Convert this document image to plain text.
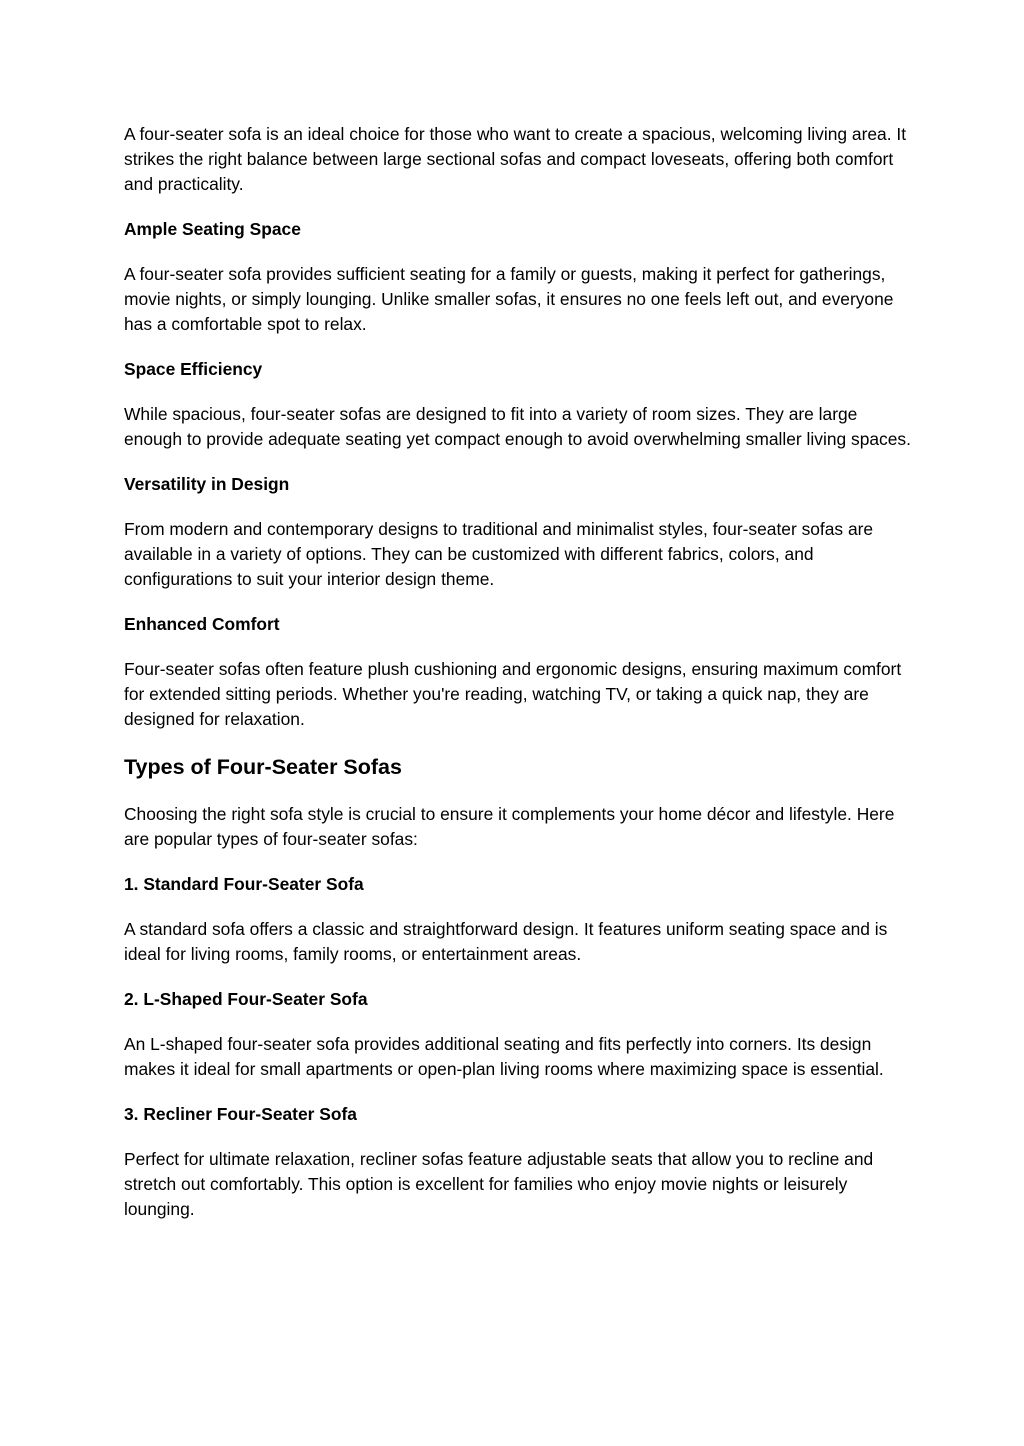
A four-seater sofa is an ideal choice for those who want to create a spacious, welcoming living area. It strikes the right balance between large sectional sofas and compact loveseats, offering both comfort and practicality.

Ample Seating Space

A four-seater sofa provides sufficient seating for a family or guests, making it perfect for gatherings, movie nights, or simply lounging. Unlike smaller sofas, it ensures no one feels left out, and everyone has a comfortable spot to relax.

Space Efficiency

While spacious, four-seater sofas are designed to fit into a variety of room sizes. They are large enough to provide adequate seating yet compact enough to avoid overwhelming smaller living spaces.

Versatility in Design

From modern and contemporary designs to traditional and minimalist styles, four-seater sofas are available in a variety of options. They can be customized with different fabrics, colors, and configurations to suit your interior design theme.

Enhanced Comfort

Four-seater sofas often feature plush cushioning and ergonomic designs, ensuring maximum comfort for extended sitting periods. Whether you're reading, watching TV, or taking a quick nap, they are designed for relaxation.

Types of Four-Seater Sofas

Choosing the right sofa style is crucial to ensure it complements your home décor and lifestyle. Here are popular types of four-seater sofas:

1. Standard Four-Seater Sofa

A standard sofa offers a classic and straightforward design. It features uniform seating space and is ideal for living rooms, family rooms, or entertainment areas.

2. L-Shaped Four-Seater Sofa

An L-shaped four-seater sofa provides additional seating and fits perfectly into corners. Its design makes it ideal for small apartments or open-plan living rooms where maximizing space is essential.

3. Recliner Four-Seater Sofa

Perfect for ultimate relaxation, recliner sofas feature adjustable seats that allow you to recline and stretch out comfortably. This option is excellent for families who enjoy movie nights or leisurely lounging.
